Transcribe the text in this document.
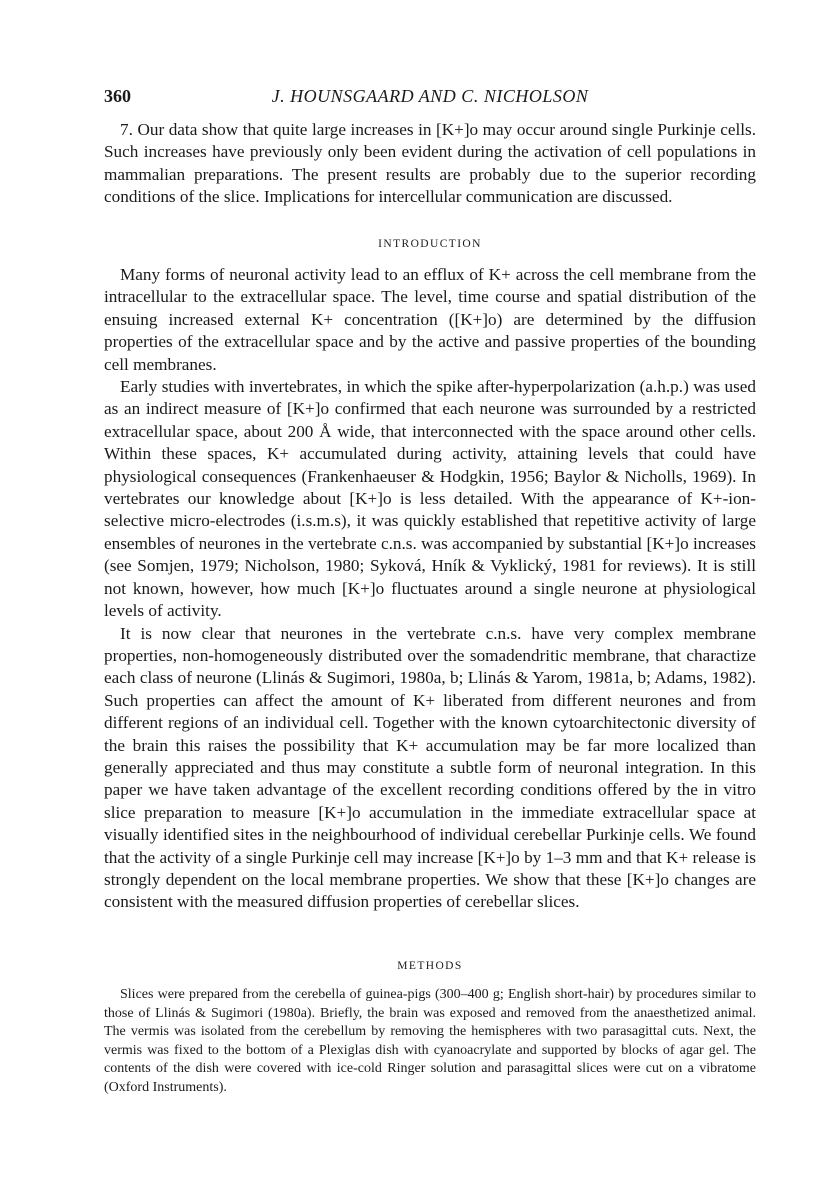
360	J. HOUNSGAARD AND C. NICHOLSON

7. Our data show that quite large increases in [K+]o may occur around single Purkinje cells. Such increases have previously only been evident during the activation of cell populations in mammalian preparations. The present results are probably due to the superior recording conditions of the slice. Implications for intercellular communication are discussed.

INTRODUCTION

Many forms of neuronal activity lead to an efflux of K+ across the cell membrane from the intracellular to the extracellular space. The level, time course and spatial distribution of the ensuing increased external K+ concentration ([K+]o) are determined by the diffusion properties of the extracellular space and by the active and passive properties of the bounding cell membranes.

Early studies with invertebrates, in which the spike after-hyperpolarization (a.h.p.) was used as an indirect measure of [K+]o confirmed that each neurone was surrounded by a restricted extracellular space, about 200 Å wide, that interconnected with the space around other cells. Within these spaces, K+ accumulated during activity, attaining levels that could have physiological consequences (Frankenhaeuser & Hodgkin, 1956; Baylor & Nicholls, 1969). In vertebrates our knowledge about [K+]o is less detailed. With the appearance of K+-ion-selective micro-electrodes (i.s.m.s), it was quickly established that repetitive activity of large ensembles of neurones in the vertebrate c.n.s. was accompanied by substantial [K+]o increases (see Somjen, 1979; Nicholson, 1980; Syková, Hník & Vyklický, 1981 for reviews). It is still not known, however, how much [K+]o fluctuates around a single neurone at physiological levels of activity.

It is now clear that neurones in the vertebrate c.n.s. have very complex membrane properties, non-homogeneously distributed over the somadendritic membrane, that charactize each class of neurone (Llinás & Sugimori, 1980a, b; Llinás & Yarom, 1981a, b; Adams, 1982). Such properties can affect the amount of K+ liberated from different neurones and from different regions of an individual cell. Together with the known cytoarchitectonic diversity of the brain this raises the possibility that K+ accumulation may be far more localized than generally appreciated and thus may constitute a subtle form of neuronal integration. In this paper we have taken advantage of the excellent recording conditions offered by the in vitro slice preparation to measure [K+]o accumulation in the immediate extracellular space at visually identified sites in the neighbourhood of individual cerebellar Purkinje cells. We found that the activity of a single Purkinje cell may increase [K+]o by 1–3 mm and that K+ release is strongly dependent on the local membrane properties. We show that these [K+]o changes are consistent with the measured diffusion properties of cerebellar slices.

METHODS

Slices were prepared from the cerebella of guinea-pigs (300–400 g; English short-hair) by procedures similar to those of Llinás & Sugimori (1980a). Briefly, the brain was exposed and removed from the anaesthetized animal. The vermis was isolated from the cerebellum by removing the hemispheres with two parasagittal cuts. Next, the vermis was fixed to the bottom of a Plexiglas dish with cyanoacrylate and supported by blocks of agar gel. The contents of the dish were covered with ice-cold Ringer solution and parasagittal slices were cut on a vibratome (Oxford Instruments).
